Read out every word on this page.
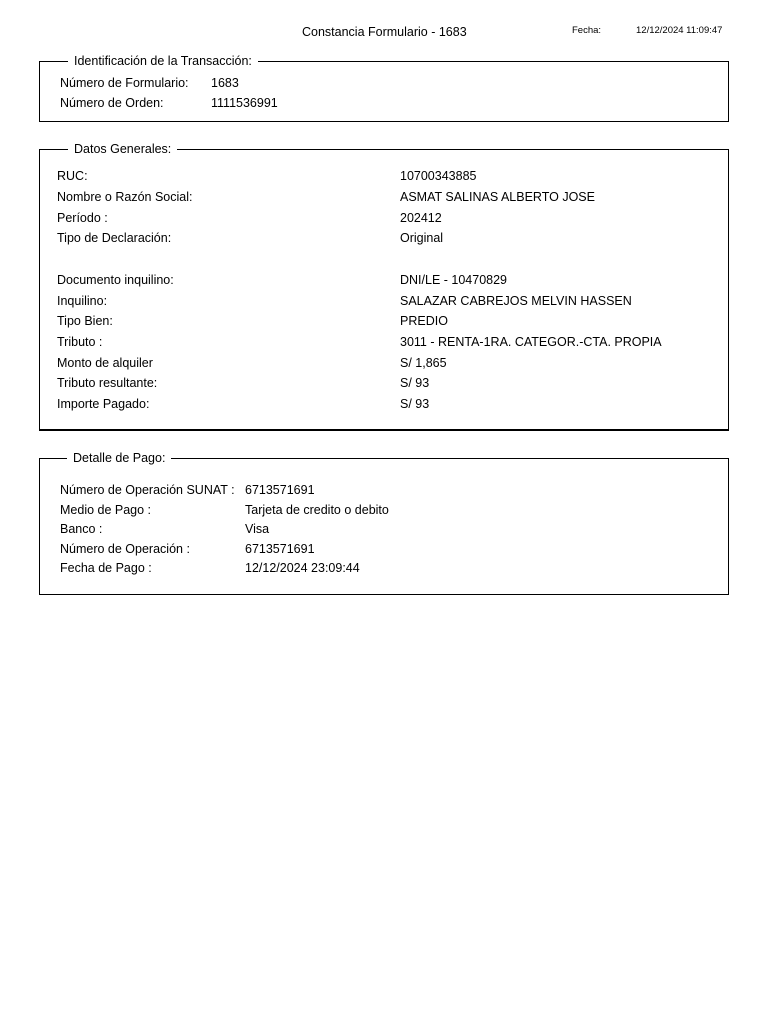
Constancia Formulario - 1683	Fecha:	12/12/2024 11:09:47
Identificación de la Transacción:
Número de Formulario: 1683
Número de Orden:	1111536991
Datos Generales:
RUC:	10700343885
Nombre o Razón Social:	ASMAT SALINAS ALBERTO JOSE
Período :	202412
Tipo de Declaración:	Original
Documento inquilino:	DNI/LE - 10470829
Inquilino:	SALAZAR CABREJOS MELVIN HASSEN
Tipo Bien:	PREDIO
Tributo :	3011 - RENTA-1RA. CATEGOR.-CTA. PROPIA
Monto de alquiler	S/ 1,865
Tributo resultante:	S/ 93
Importe Pagado:	S/ 93
Detalle de Pago:
Número de Operación SUNAT : 6713571691
Medio de Pago :	Tarjeta de credito o debito
Banco :	Visa
Número de Operación :	6713571691
Fecha de Pago :	12/12/2024 23:09:44
